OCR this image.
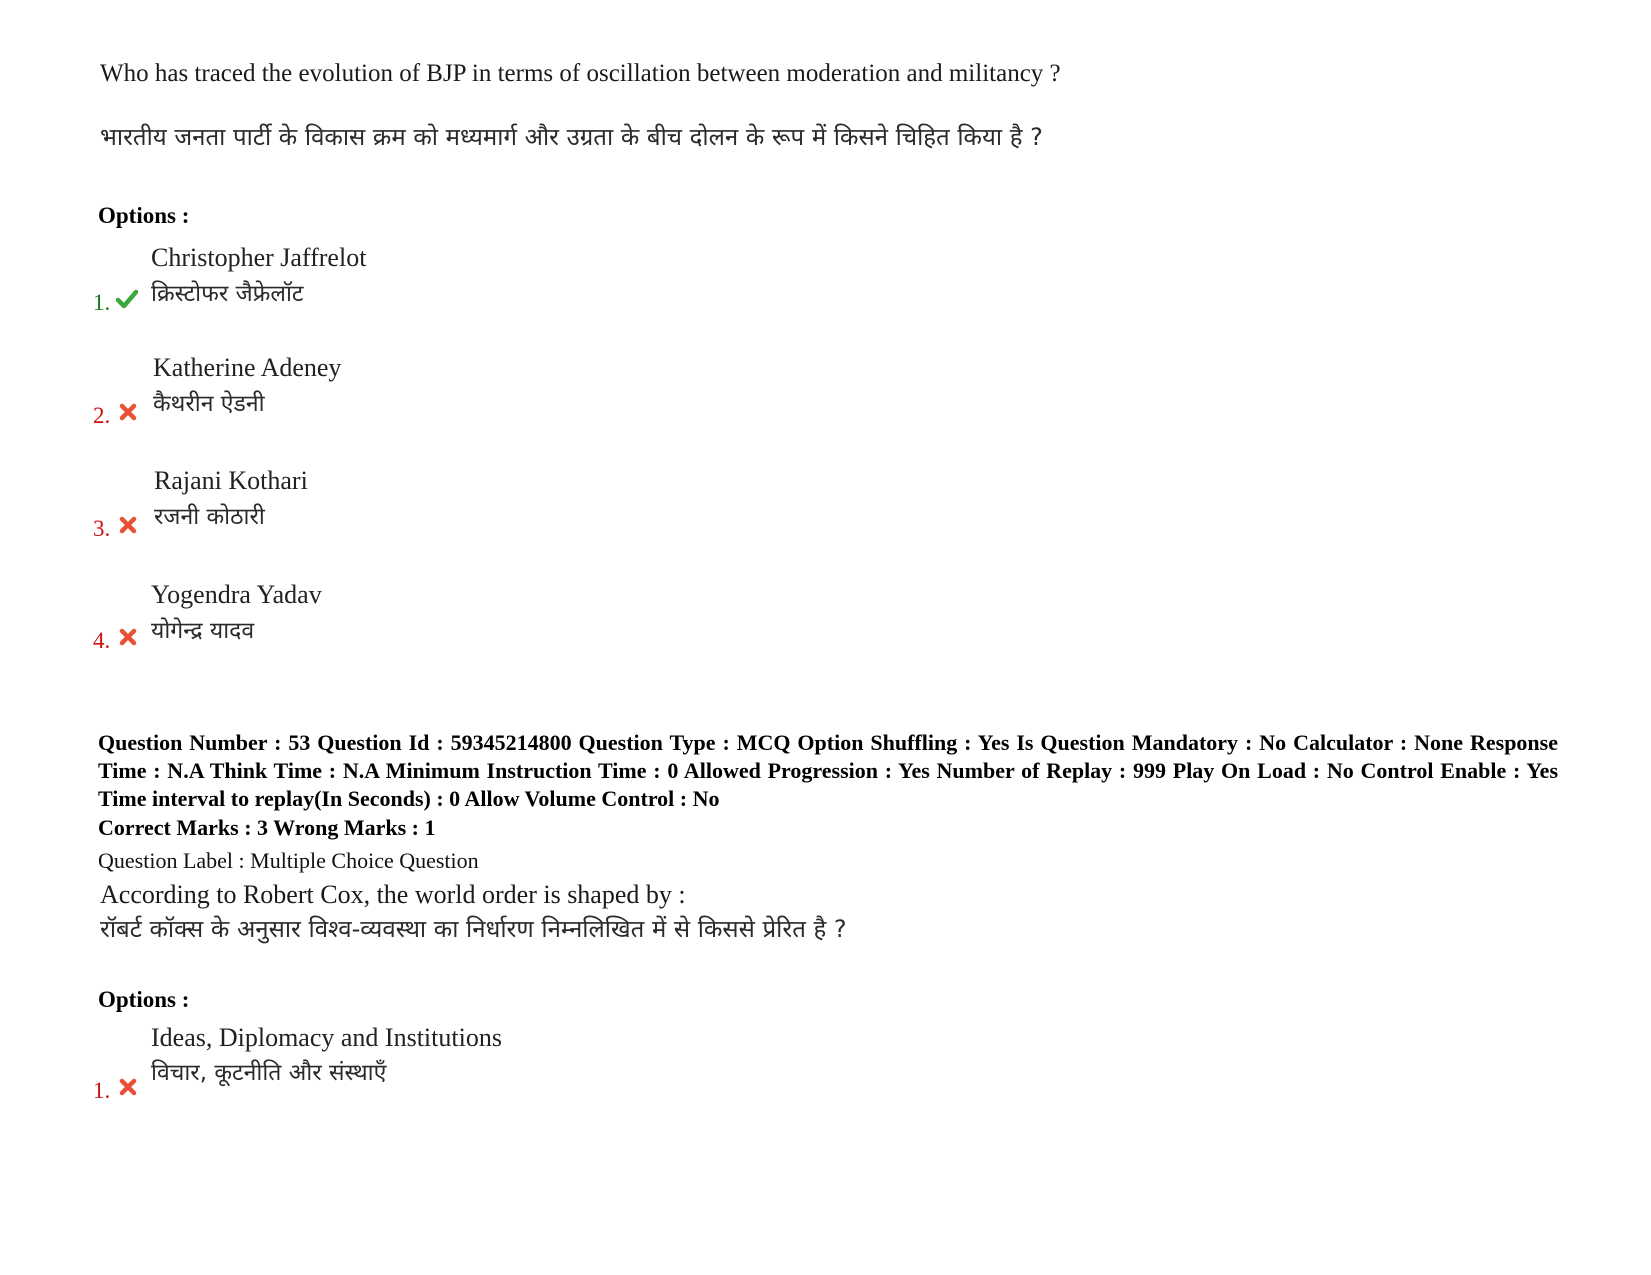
Who has traced the evolution of BJP in terms of oscillation between moderation and militancy ?
भारतीय जनता पार्टी के विकास क्रम को मध्यमार्ग और उग्रता के बीच दोलन के रूप में किसने चिहित किया है ?
Options :
Christopher Jaffrelot
क्रिस्टोफर जैफ्रेलॉट
1.
Katherine Adeney
कैथरीन ऐडनी
2.
Rajani Kothari
रजनी कोठारी
3.
Yogendra Yadav
योगेन्द्र यादव
4.
Question Number : 53 Question Id : 59345214800 Question Type : MCQ Option Shuffling : Yes Is Question Mandatory : No Calculator : None Response Time : N.A Think Time : N.A Minimum Instruction Time : 0 Allowed Progression : Yes Number of Replay : 999 Play On Load : No Control Enable : Yes Time interval to replay(In Seconds) : 0 Allow Volume Control : No
Correct Marks : 3 Wrong Marks : 1
Question Label : Multiple Choice Question
According to Robert Cox, the world order is shaped by :
रॉबर्ट कॉक्स के अनुसार विश्व-व्यवस्था का निर्धारण निम्नलिखित में से किससे प्रेरित है ?
Options :
Ideas, Diplomacy and Institutions
विचार, कूटनीति और संस्थाएँ
1.
